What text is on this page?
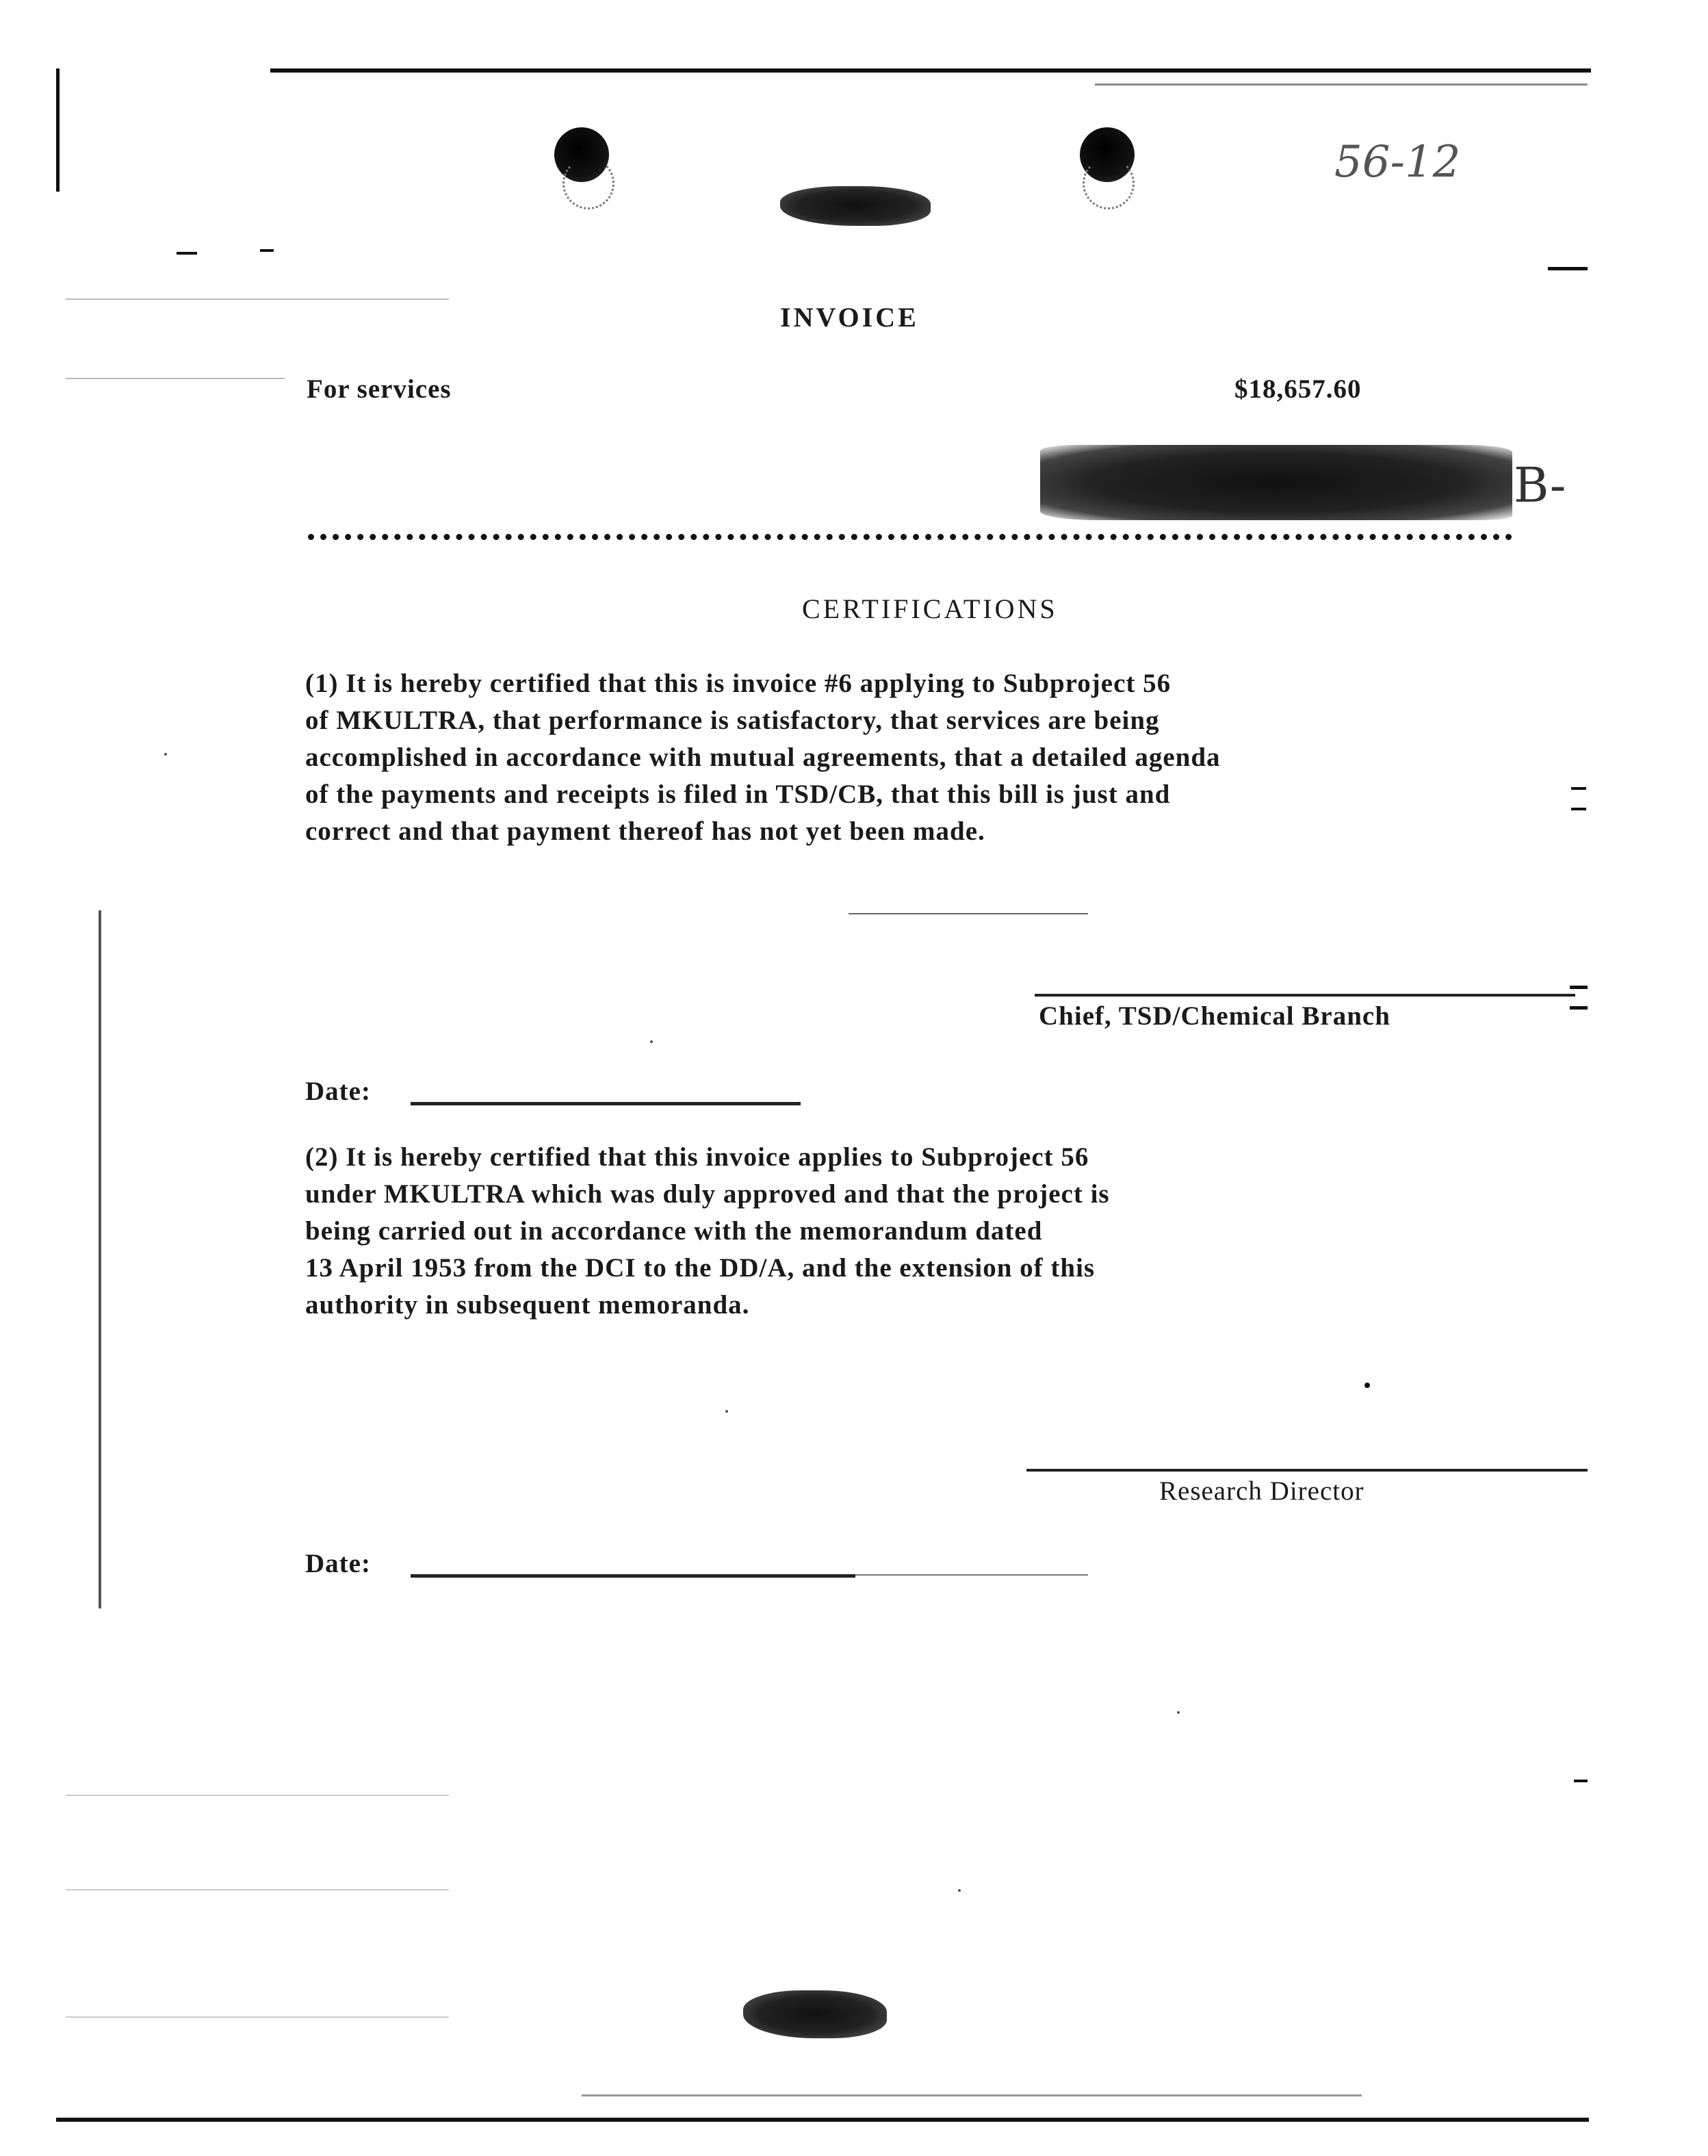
56-12
INVOICE
For services	$18,657.60
B-
CERTIFICATIONS
(1) It is hereby certified that this is invoice #6 applying to Subproject 56
of MKULTRA, that performance is satisfactory, that services are being
accomplished in accordance with mutual agreements, that a detailed agenda
of the payments and receipts is filed in TSD/CB, that this bill is just and
correct and that payment thereof has not yet been made.
Chief, TSD/Chemical Branch
Date:
(2) It is hereby certified that this invoice applies to Subproject 56
under MKULTRA which was duly approved and that the project is
being carried out in accordance with the memorandum dated
13 April 1953 from the DCI to the DD/A, and the extension of this
authority in subsequent memoranda.
Research Director
Date:
